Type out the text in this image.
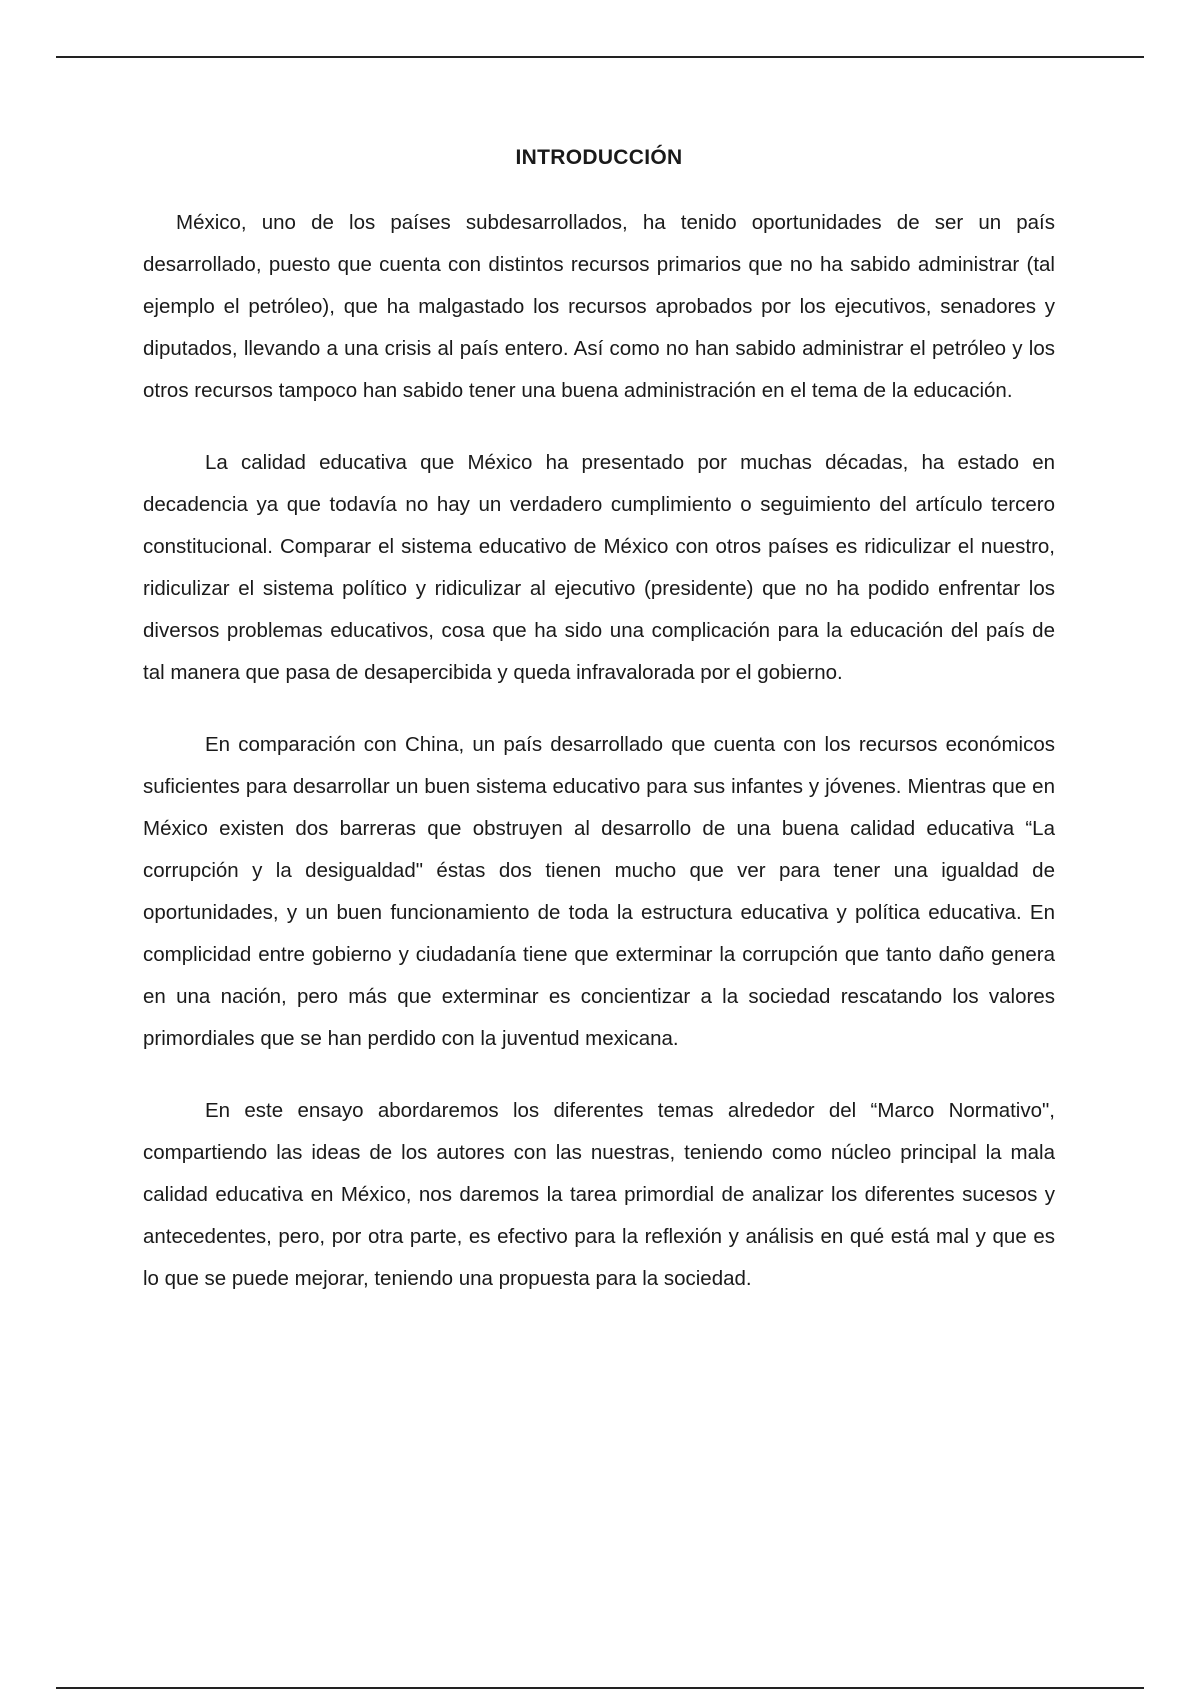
INTRODUCCIÓN

México, uno de los países subdesarrollados, ha tenido oportunidades de ser un país desarrollado, puesto que cuenta con distintos recursos primarios que no ha sabido administrar (tal ejemplo el petróleo), que ha malgastado los recursos aprobados por los ejecutivos, senadores y diputados, llevando a una crisis al país entero. Así como no han sabido administrar el petróleo y los otros recursos tampoco han sabido tener una buena administración en el tema de la educación.

La calidad educativa que México ha presentado por muchas décadas, ha estado en decadencia ya que todavía no hay un verdadero cumplimiento o seguimiento del artículo tercero constitucional. Comparar el sistema educativo de México con otros países es ridiculizar el nuestro, ridiculizar el sistema político y ridiculizar al ejecutivo (presidente) que no ha podido enfrentar los diversos problemas educativos, cosa que ha sido una complicación para la educación del país de tal manera que pasa de desapercibida y queda infravalorada por el gobierno.

En comparación con China, un país desarrollado que cuenta con los recursos económicos suficientes para desarrollar un buen sistema educativo para sus infantes y jóvenes. Mientras que en México existen dos barreras que obstruyen al desarrollo de una buena calidad educativa “La corrupción y la desigualdad" éstas dos tienen mucho que ver para tener una igualdad de oportunidades, y un buen funcionamiento de toda la estructura educativa y política educativa. En complicidad entre gobierno y ciudadanía tiene que exterminar la corrupción que tanto daño genera en una nación, pero más que exterminar es concientizar a la sociedad rescatando los valores primordiales que se han perdido con la juventud mexicana.

En este ensayo abordaremos los diferentes temas alrededor del “Marco Normativo", compartiendo las ideas de los autores con las nuestras, teniendo como núcleo principal la mala calidad educativa en México, nos daremos la tarea primordial de analizar los diferentes sucesos y antecedentes, pero, por otra parte, es efectivo para la reflexión y análisis en qué está mal y que es lo que se puede mejorar, teniendo una propuesta para la sociedad.
